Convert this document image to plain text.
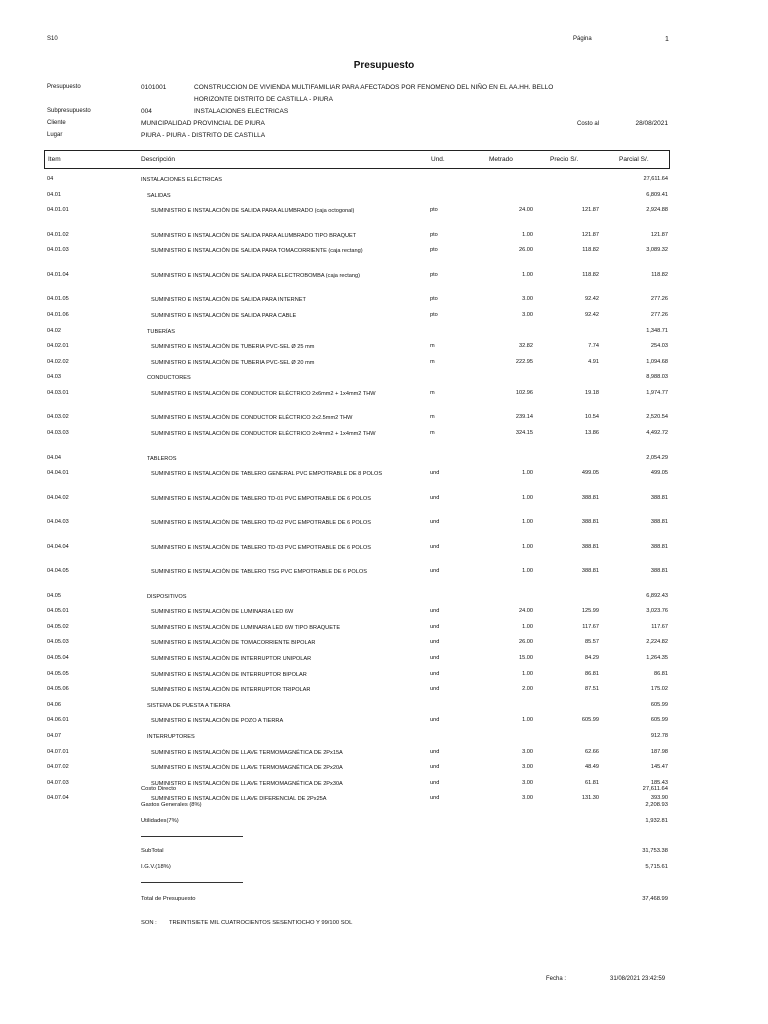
S10	Página	1
Presupuesto
Presupuesto	0101001	CONSTRUCCION DE VIVIENDA MULTIFAMILIAR PARA AFECTADOS POR FENOMENO DEL NIÑO EN EL AA.HH. BELLO
HORIZONTE DISTRITO DE CASTILLA - PIURA
Subpresupuesto	004	INSTALACIONES ELECTRICAS
Cliente	MUNICIPALIDAD PROVINCIAL DE PIURA	Costo al	28/08/2021
Lugar	PIURA - PIURA - DISTRITO DE CASTILLA
Item	Descripción	Und.	Metrado	Precio S/.	Parcial S/.
04	INSTALACIONES ELÉCTRICAS	27,611.64
04.01	SALIDAS	6,809.41
04.01.01	SUMINISTRO E INSTALACIÓN DE SALIDA PARA ALUMBRADO (caja octogonal)	pto	24.00	121.87	2,924.88
04.01.02	SUMINISTRO E INSTALACIÓN DE SALIDA PARA ALUMBRADO TIPO BRAQUET	pto	1.00	121.87	121.87
04.01.03	SUMINISTRO E INSTALACIÓN DE SALIDA PARA TOMACORRIENTE (caja rectang)	pto	26.00	118.82	3,089.32
04.01.04	SUMINISTRO E INSTALACIÓN DE SALIDA PARA ELECTROBOMBA (caja rectang)	pto	1.00	118.82	118.82
04.01.05	SUMINISTRO E INSTALACIÓN DE SALIDA PARA INTERNET	pto	3.00	92.42	277.26
04.01.06	SUMINISTRO E INSTALACIÓN DE SALIDA PARA CABLE	pto	3.00	92.42	277.26
04.02	TUBERÍAS	1,348.71
04.02.01	SUMINISTRO E INSTALACIÓN DE TUBERIA PVC-SEL Ø 25 mm	m	32.82	7.74	254.03
04.02.02	SUMINISTRO E INSTALACIÓN DE TUBERIA PVC-SEL Ø 20 mm	m	222.95	4.91	1,094.68
04.03	CONDUCTORES	8,988.03
04.03.01	SUMINISTRO E INSTALACIÓN DE CONDUCTOR ELÉCTRICO 2x6mm2 + 1x4mm2 THW	m	102.96	19.18	1,974.77
04.03.02	SUMINISTRO E INSTALACIÓN DE CONDUCTOR ELÉCTRICO 2x2.5mm2 THW	m	239.14	10.54	2,520.54
04.03.03	SUMINISTRO E INSTALACIÓN DE CONDUCTOR ELÉCTRICO 2x4mm2 + 1x4mm2 THW	m	324.15	13.86	4,492.72
04.04	TABLEROS	2,054.29
04.04.01	SUMINISTRO E INSTALACIÓN DE TABLERO GENERAL PVC EMPOTRABLE DE 8 POLOS	und	1.00	499.05	499.05
04.04.02	SUMINISTRO E INSTALACIÓN DE TABLERO TD-01 PVC EMPOTRABLE DE 6 POLOS	und	1.00	388.81	388.81
04.04.03	SUMINISTRO E INSTALACIÓN DE TABLERO TD-02 PVC EMPOTRABLE DE 6 POLOS	und	1.00	388.81	388.81
04.04.04	SUMINISTRO E INSTALACIÓN DE TABLERO TD-03 PVC EMPOTRABLE DE 6 POLOS	und	1.00	388.81	388.81
04.04.05	SUMINISTRO E INSTALACIÓN DE TABLERO TSG PVC EMPOTRABLE DE 6 POLOS	und	1.00	388.81	388.81
04.05	DISPOSITIVOS	6,892.43
04.05.01	SUMINISTRO E INSTALACIÓN DE LUMINARIA LED 6W	und	24.00	125.99	3,023.76
04.05.02	SUMINISTRO E INSTALACIÓN DE LUMINARIA LED 6W TIPO BRAQUETE	und	1.00	117.67	117.67
04.05.03	SUMINISTRO E INSTALACIÓN DE TOMACORRIENTE BIPOLAR	und	26.00	85.57	2,224.82
04.05.04	SUMINISTRO E INSTALACIÓN DE INTERRUPTOR UNIPOLAR	und	15.00	84.29	1,264.35
04.05.05	SUMINISTRO E INSTALACIÓN DE INTERRUPTOR BIPOLAR	und	1.00	86.81	86.81
04.05.06	SUMINISTRO E INSTALACIÓN DE INTERRUPTOR TRIPOLAR	und	2.00	87.51	175.02
04.06	SISTEMA DE PUESTA A TIERRA	605.99
04.06.01	SUMINISTRO E INSTALACIÓN DE POZO A TIERRA	und	1.00	605.99	605.99
04.07	INTERRUPTORES	912.78
04.07.01	SUMINISTRO E INSTALACIÓN DE LLAVE TERMOMAGNÉTICA DE 2Px15A	und	3.00	62.66	187.98
04.07.02	SUMINISTRO E INSTALACIÓN DE LLAVE TERMOMAGNÉTICA DE 2Px20A	und	3.00	48.49	145.47
04.07.03	SUMINISTRO E INSTALACIÓN DE LLAVE TERMOMAGNÉTICA DE 2Px30A	und	3.00	61.81	185.43
04.07.04	SUMINISTRO E INSTALACIÓN DE LLAVE DIFERENCIAL DE 2Px25A	und	3.00	131.30	393.90
Costo Directo	27,611.64
Gastos Generales (8%)	2,208.93
Utilidades(7%)	1,932.81
SubTotal	31,753.38
I.G.V.(18%)	5,715.61
Total de Presupuesto	37,468.99
SON : TREINTISIETE MIL CUATROCIENTOS SESENTIOCHO Y 99/100 SOL
Fecha :	31/08/2021 23:42:59
